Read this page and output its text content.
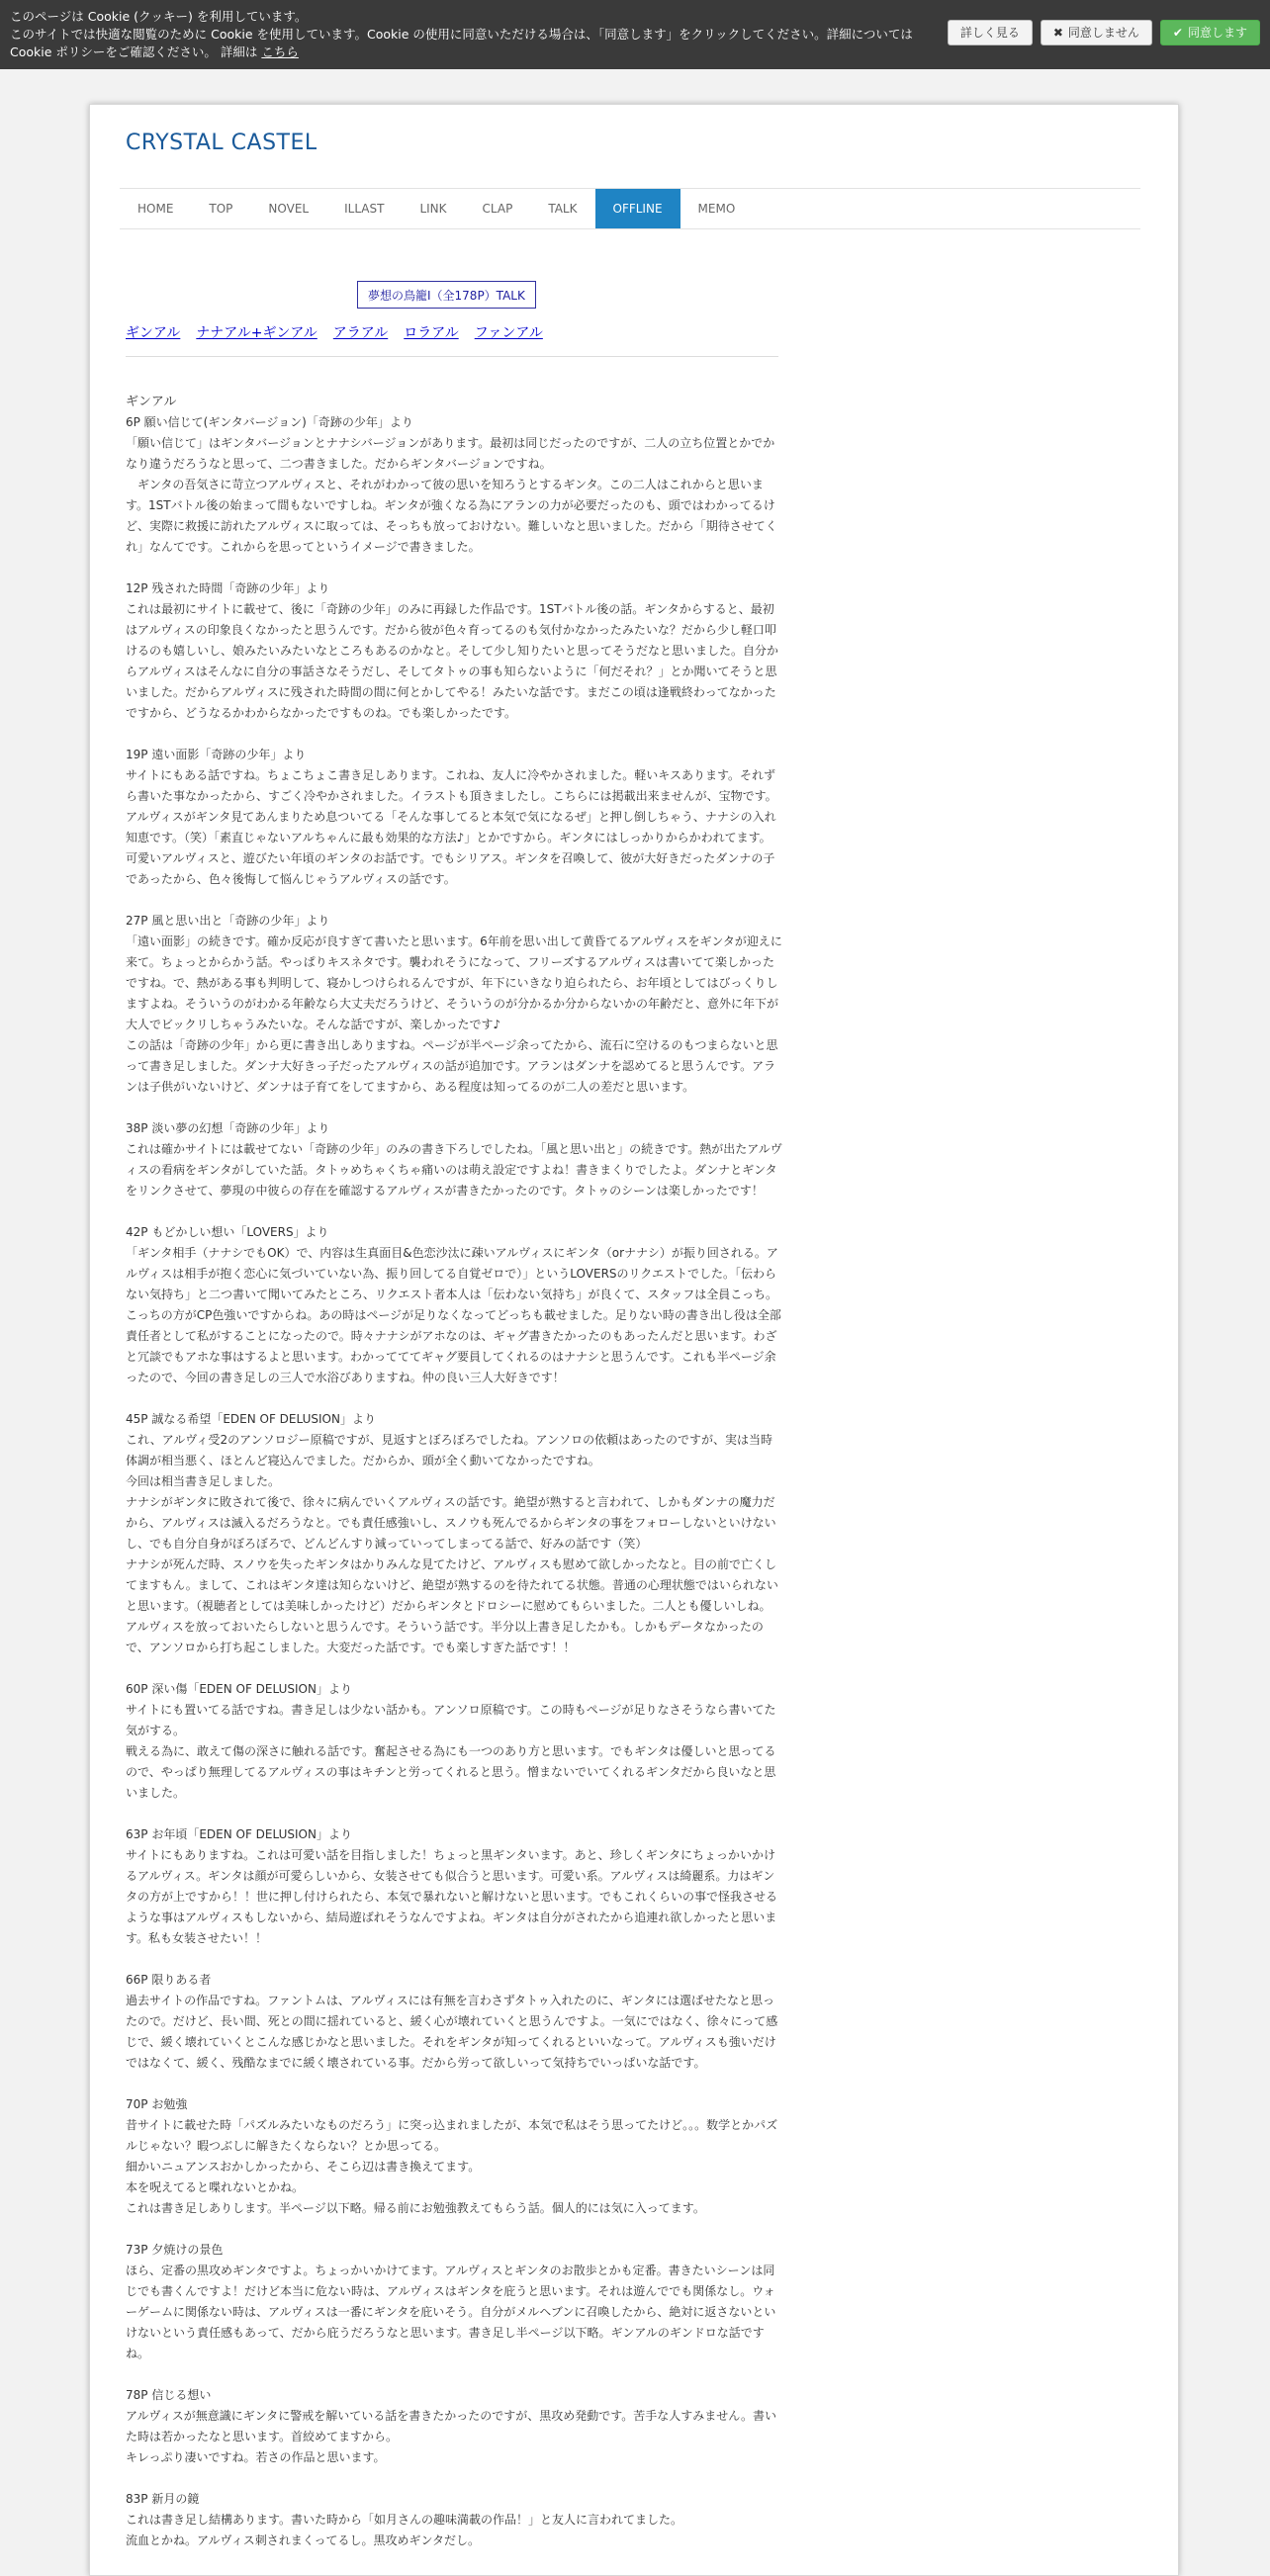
このページは Cookie (クッキー) を利用しています。
このサイトでは快適な閲覧のために Cookie を使用しています。Cookie の使用に同意いただける場合は、「同意します」をクリックしてください。詳細については Cookie ポリシーをご確認ください。 詳細は こちら
詳しく見る	✖ 同意しません	✔ 同意します
CRYSTAL CASTEL
HOME	TOP	NOVEL	ILLAST	LINK	CLAP	TALK	OFFLINE	MEMO
夢想の鳥籠Ⅰ（全178P）TALK
ギンアル ナナアル+ギンアル アラアル ロラアル ファンアル
ギンアル

6P 願い信じて(ギンタバージョン)「奇跡の少年」より

「願い信じて」はギンタバージョンとナナシバージョンがあります。最初は同じだったのですが、二人の立ち位置とかでかなり違うだろうなと思って、二つ書きました。だからギンタバージョンですね。

　ギンタの吾気さに苛立つアルヴィスと、それがわかって彼の思いを知ろうとするギンタ。この二人はこれからと思います。1STバトル後の始まって間もないですしね。ギンタが強くなる為にアランの力が必要だったのも、頭ではわかってるけど、実際に救援に訪れたアルヴィスに取っては、そっちも放っておけない。難しいなと思いました。だから「期待させてくれ」なんてです。これからを思ってというイメージで書きました。

12P 残された時間「奇跡の少年」より

これは最初にサイトに載せて、後に「奇跡の少年」のみに再録した作品です。1STバトル後の話。ギンタからすると、最初はアルヴィスの印象良くなかったと思うんです。だから彼が色々育ってるのも気付かなかったみたいな？だから少し軽口叩けるのも嬉しいし、娘みたいみたいなところもあるのかなと。そして少し知りたいと思ってそうだなと思いました。自分からアルヴィスはそんなに自分の事話さなそうだし、そしてタトゥの事も知らないように「何だそれ？」とか聞いてそうと思いました。だからアルヴィスに残された時間の間に何とかしてやる！みたいな話です。まだこの頃は逢戦終わってなかったですから、どうなるかわからなかったですものね。でも楽しかったです。

19P 遠い面影「奇跡の少年」より

サイトにもある話ですね。ちょこちょこ書き足しあります。これね、友人に冷やかされました。軽いキスあります。それずら書いた事なかったから、すごく冷やかされました。イラストも頂きましたし。こちらには掲載出来ませんが、宝物です。アルヴィスがギンタ見てあんまりため息ついてる「そんな事してると本気で気になるぜ」と押し倒しちゃう、ナナシの入れ知恵です。（笑）「素直じゃないアルちゃんに最も効果的な方法♪」とかですから。ギンタにはしっかりからかわれてます。可愛いアルヴィスと、遊びたい年頃のギンタのお話です。でもシリアス。ギンタを召喚して、彼が大好きだったダンナの子であったから、色々後悔して悩んじゃうアルヴィスの話です。

27P 風と思い出と「奇跡の少年」より

「遠い面影」の続きです。確か反応が良すぎて書いたと思います。6年前を思い出して黄昏てるアルヴィスをギンタが迎えに来て。ちょっとからかう話。やっぱりキスネタです。襲われそうになって、フリーズするアルヴィスは書いてて楽しかったですね。で、熱がある事も判明して、寝かしつけられるんですが、年下にいきなり迫られたら、お年頃としてはびっくりしますよね。そういうのがわかる年齢なら大丈夫だろうけど、そういうのが分かるか分からないかの年齢だと、意外に年下が大人でビックリしちゃうみたいな。そんな話ですが、楽しかったです♪

この話は「奇跡の少年」から更に書き出しありますね。ページが半ページ余ってたから、流石に空けるのもつまらないと思って書き足しました。ダンナ大好きっ子だったアルヴィスの話が追加です。アランはダンナを認めてると思うんです。アランは子供がいないけど、ダンナは子育てをしてますから、ある程度は知ってるのが二人の差だと思います。

38P 淡い夢の幻想「奇跡の少年」より

これは確かサイトには載せてない「奇跡の少年」のみの書き下ろしでしたね。「風と思い出と」の続きです。熱が出たアルヴィスの看病をギンタがしていた話。タトゥめちゃくちゃ痛いのは萌え設定ですよね！書きまくりでしたよ。ダンナとギンタをリンクさせて、夢現の中彼らの存在を確認するアルヴィスが書きたかったのです。タトゥのシーンは楽しかったです！

42P もどかしい想い「LOVERS」より

「ギンタ相手（ナナシでもOK）で、内容は生真面目&色恋沙汰に疎いアルヴィスにギンタ（orナナシ）が振り回される。アルヴィスは相手が抱く恋心に気づいていない為、振り回してる自覚ゼロで）」というLOVERSのリクエストでした。「伝わらない気持ち」と二つ書いて聞いてみたところ、リクエスト者本人は「伝わない気持ち」が良くて、スタッフは全員こっち。こっちの方がCP色強いですからね。あの時はページが足りなくなってどっちも載せました。足りない時の書き出し役は全部責任者として私がすることになったので。時々ナナシがアホなのは、ギャグ書きたかったのもあったんだと思います。わざと冗談でもアホな事はするよと思います。わかってててギャグ要員してくれるのはナナシと思うんです。これも半ページ余ったので、今回の書き足しの三人で水浴びありますね。仲の良い三人大好きです！

45P 誠なる希望「EDEN OF DELUSION」より

これ、アルヴィ受2のアンソロジー原稿ですが、見返すとぼろぼろでしたね。アンソロの依頼はあったのですが、実は当時体調が相当悪く、ほとんど寝込んでました。だからか、頭が全く動いてなかったですね。

今回は相当書き足しました。

ナナシがギンタに敗されて後で、徐々に病んでいくアルヴィスの話です。絶望が熟すると言われて、しかもダンナの魔力だから、アルヴィスは滅入るだろうなと。でも責任感強いし、スノウも死んでるからギンタの事をフォローしないといけないし、でも自分自身がぼろぼろで、どんどんすり減っていってしまってる話で、好みの話です（笑）

ナナシが死んだ時、スノウを失ったギンタはかりみんな見てたけど、アルヴィスも慰めて欲しかったなと。目の前で亡くしてますもん。まして、これはギンタ達は知らないけど、絶望が熟するのを待たれてる状態。普通の心理状態ではいられないと思います。（視聴者としては美味しかったけど）だからギンタとドロシーに慰めてもらいました。二人とも優しいしね。アルヴィスを放っておいたらしないと思うんです。そういう話です。半分以上書き足したかも。しかもデータなかったので、アンソロから打ち起こしました。大変だった話です。でも楽しすぎた話です！！

60P 深い傷「EDEN OF DELUSION」より

サイトにも置いてる話ですね。書き足しは少ない話かも。アンソロ原稿です。この時もページが足りなさそうなら書いてた気がする。

戦える為に、敢えて傷の深さに触れる話です。奮起させる為にも一つのあり方と思います。でもギンタは優しいと思ってるので、やっぱり無理してるアルヴィスの事はキチンと労ってくれると思う。憎まないでいてくれるギンタだから良いなと思いました。

63P お年頃「EDEN OF DELUSION」より

サイトにもありますね。これは可愛い話を目指しました！ちょっと黒ギンタいます。あと、珍しくギンタにちょっかいかけるアルヴィス。ギンタは顔が可愛らしいから、女装させても似合うと思います。可愛い系。アルヴィスは綺麗系。力はギンタの方が上ですから！！世に押し付けられたら、本気で暴れないと解けないと思います。でもこれくらいの事で怪我させるような事はアルヴィスもしないから、結局遊ばれそうなんですよね。ギンタは自分がされたから追連れ欲しかったと思います。私も女装させたい！！

66P 限りある者

過去サイトの作品ですね。ファントムは、アルヴィスには有無を言わさずタトゥ入れたのに、ギンタには選ばせたなと思ったので。だけど、長い間、死との間に揺れていると、緩く心が壊れていくと思うんですよ。一気にではなく、徐々にって感じで、緩く壊れていくとこんな感じかなと思いました。それをギンタが知ってくれるといいなって。アルヴィスも強いだけではなくて、緩く、残酷なまでに緩く壊されている事。だから労って欲しいって気持ちでいっぱいな話です。

70P お勉強

昔サイトに載せた時「パズルみたいなものだろう」に突っ込まれましたが、本気で私はそう思ってたけど。。。数学とかパズルじゃない？暇つぶしに解きたくならない？とか思ってる。

細かいニュアンスおかしかったから、そこら辺は書き換えてます。

本を呪えてると喋れないとかね。

これは書き足しありします。半ページ以下略。帰る前にお勉強教えてもらう話。個人的には気に入ってます。

73P 夕焼けの景色

ほら、定番の黒攻めギンタですよ。ちょっかいかけてます。アルヴィスとギンタのお散歩とかも定番。書きたいシーンは同じでも書くんですよ！だけど本当に危ない時は、アルヴィスはギンタを庇うと思います。それは遊んででも関係なし。ウォーゲームに関係ない時は、アルヴィスは一番にギンタを庇いそう。自分がメルヘブンに召喚したから、絶対に返さないといけないという責任感もあって、だから庇うだろうなと思います。書き足し半ページ以下略。ギンアルのギンドロな話です ね。

78P 信じる想い

アルヴィスが無意識にギンタに警戒を解いている話を書きたかったのですが、黒攻め発動です。苦手な人すみません。書いた時は若かったなと思います。首絞めてますから。

キレっぷり凄いですね。若さの作品と思います。

83P 新月の鏡

これは書き足し結構あります。書いた時から「如月さんの趣味満載の作品！」と友人に言われてました。

流血とかね。アルヴィス刺されまくってるし。黒攻めギンタだし。
